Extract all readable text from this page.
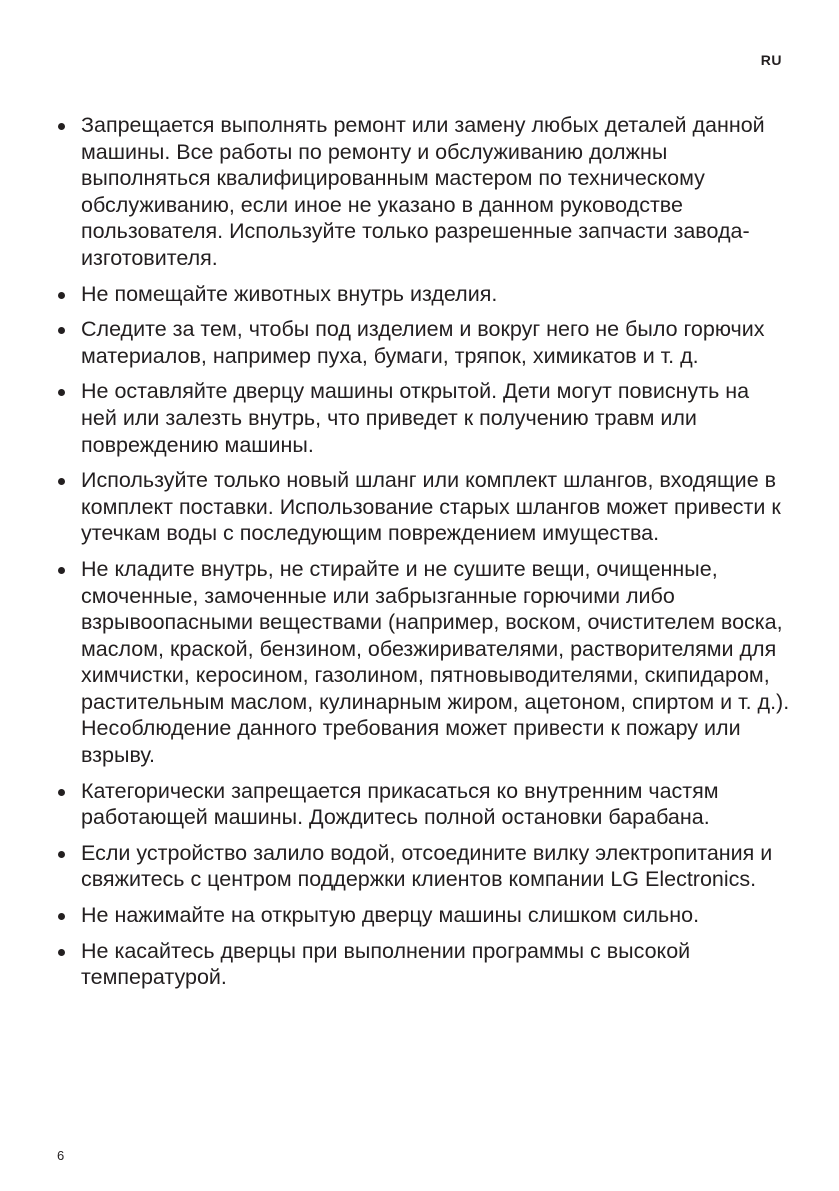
RU
Запрещается выполнять ремонт или замену любых деталей данной машины. Все работы по ремонту и обслуживанию должны выполняться квалифицированным мастером по техническому обслуживанию, если иное не указано в данном руководстве пользователя. Используйте только разрешенные запчасти завода-изготовителя.
Не помещайте животных внутрь изделия.
Следите за тем, чтобы под изделием и вокруг него не было горючих материалов, например пуха, бумаги, тряпок, химикатов и т. д.
Не оставляйте дверцу машины открытой. Дети могут повиснуть на ней или залезть внутрь, что приведет к получению травм или повреждению машины.
Используйте только новый шланг или комплект шлангов, входящие в комплект поставки. Использование старых шлангов может привести к утечкам воды с последующим повреждением имущества.
Не кладите внутрь, не стирайте и не сушите вещи, очищенные, смоченные, замоченные или забрызганные горючими либо взрывоопасными веществами (например, воском, очистителем воска, маслом, краской, бензином, обезжиривателями, растворителями для химчистки, керосином, газолином, пятновыводителями, скипидаром, растительным маслом, кулинарным жиром, ацетоном, спиртом и т. д.). Несоблюдение данного требования может привести к пожару или взрыву.
Категорически запрещается прикасаться ко внутренним частям работающей машины. Дождитесь полной остановки барабана.
Если устройство залило водой, отсоедините вилку электропитания и свяжитесь с центром поддержки клиентов компании LG Electronics.
Не нажимайте на открытую дверцу машины слишком сильно.
Не касайтесь дверцы при выполнении программы с высокой температурой.
6
